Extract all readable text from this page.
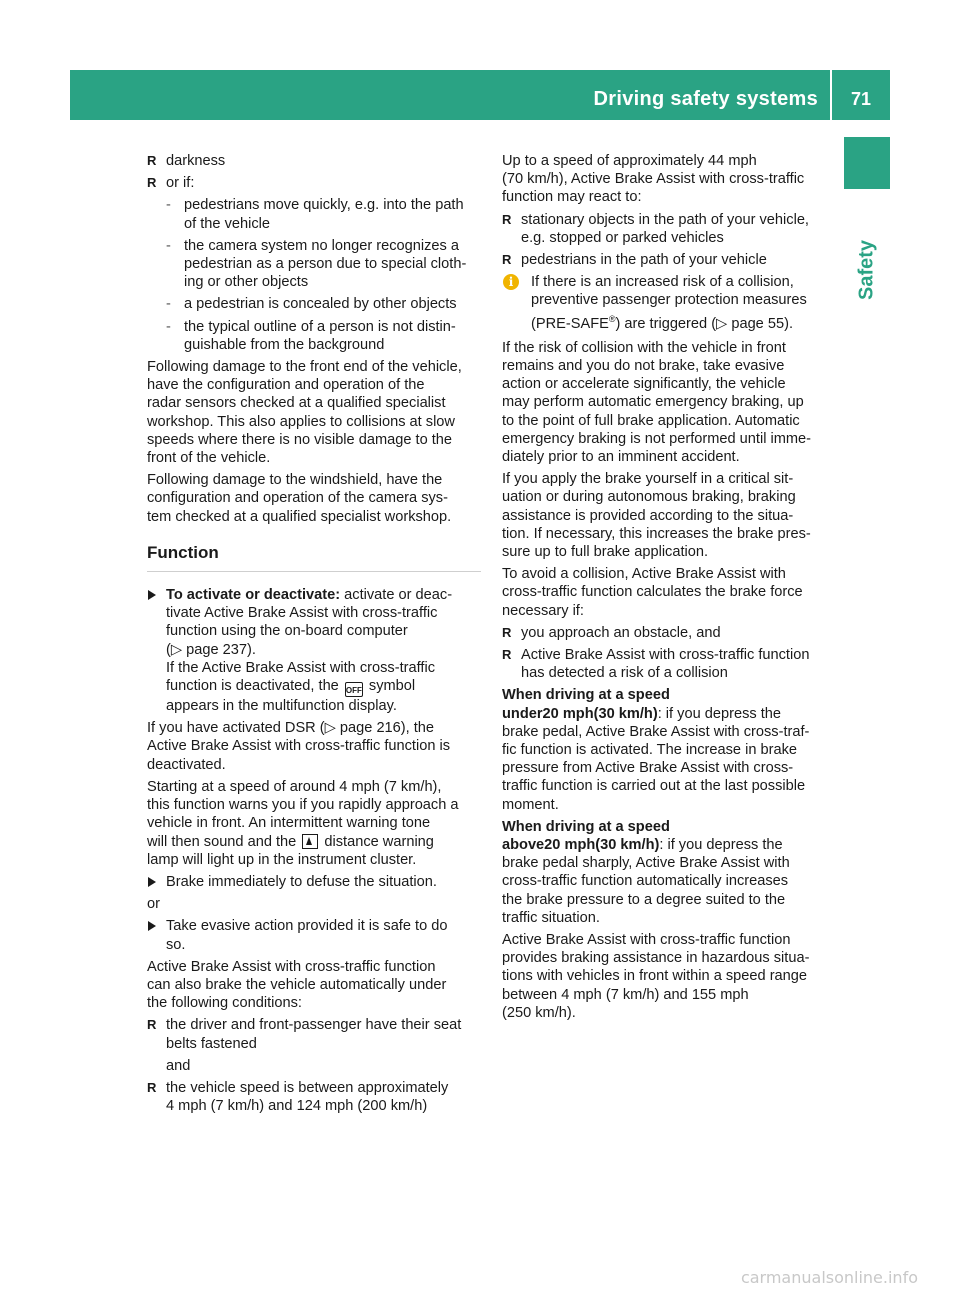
Driving safety systems	71
Safety
R darkness
R or if:
- pedestrians move quickly, e.g. into the path
of the vehicle
- the camera system no longer recognizes a
pedestrian as a person due to special cloth-
ing or other objects
- a pedestrian is concealed by other objects
- the typical outline of a person is not distin-
guishable from the background

Following damage to the front end of the vehicle,
have the configuration and operation of the
radar sensors checked at a qualified specialist
workshop. This also applies to collisions at slow
speeds where there is no visible damage to the
front of the vehicle.

Following damage to the windshield, have the
configuration and operation of the camera sys-
tem checked at a qualified specialist workshop.

Function
To activate or deactivate: activate or deac-
tivate Active Brake Assist with cross-traffic
function using the on-board computer
(▷ page 237).
If the Active Brake Assist with cross-traffic
function is deactivated, the OFF symbol
appears in the multifunction display.

If you have activated DSR (▷ page 216), the
Active Brake Assist with cross-traffic function is
deactivated.

Starting at a speed of around 4 mph (7 km/h),
this function warns you if you rapidly approach a
vehicle in front. An intermittent warning tone
will then sound and the  distance warning
lamp will light up in the instrument cluster.

Brake immediately to defuse the situation.

or

Take evasive action provided it is safe to do
so.

Active Brake Assist with cross-traffic function
can also brake the vehicle automatically under
the following conditions:

R the driver and front-passenger have their seat
belts fastened

and

R the vehicle speed is between approximately
4 mph (7 km/h) and 124 mph (200 km/h)

Up to a speed of approximately 44 mph
(70 km/h), Active Brake Assist with cross-traffic
function may react to:

R stationary objects in the path of your vehicle,
e.g. stopped or parked vehicles
R pedestrians in the path of your vehicle
i	If there is an increased risk of a collision,
preventive passenger protection measures
(PRE-SAFE®) are triggered (▷ page 55).

If the risk of collision with the vehicle in front
remains and you do not brake, take evasive
action or accelerate significantly, the vehicle
may perform automatic emergency braking, up
to the point of full brake application. Automatic
emergency braking is not performed until imme-
diately prior to an imminent accident.

If you apply the brake yourself in a critical sit-
uation or during autonomous braking, braking
assistance is provided according to the situa-
tion. If necessary, this increases the brake pres-
sure up to full brake application.

To avoid a collision, Active Brake Assist with
cross-traffic function calculates the brake force
necessary if:

R you approach an obstacle, and
R Active Brake Assist with cross-traffic function
has detected a risk of a collision

When driving at a speed
under20 mph(30 km/h): if you depress the
brake pedal, Active Brake Assist with cross-traf-
fic function is activated. The increase in brake
pressure from Active Brake Assist with cross-
traffic function is carried out at the last possible
moment.

When driving at a speed
above20 mph(30 km/h): if you depress the
brake pedal sharply, Active Brake Assist with
cross-traffic function automatically increases
the brake pressure to a degree suited to the
traffic situation.

Active Brake Assist with cross-traffic function
provides braking assistance in hazardous situa-
tions with vehicles in front within a speed range
between 4 mph (7 km/h) and 155 mph
(250 km/h).

carmanualsonline.info
